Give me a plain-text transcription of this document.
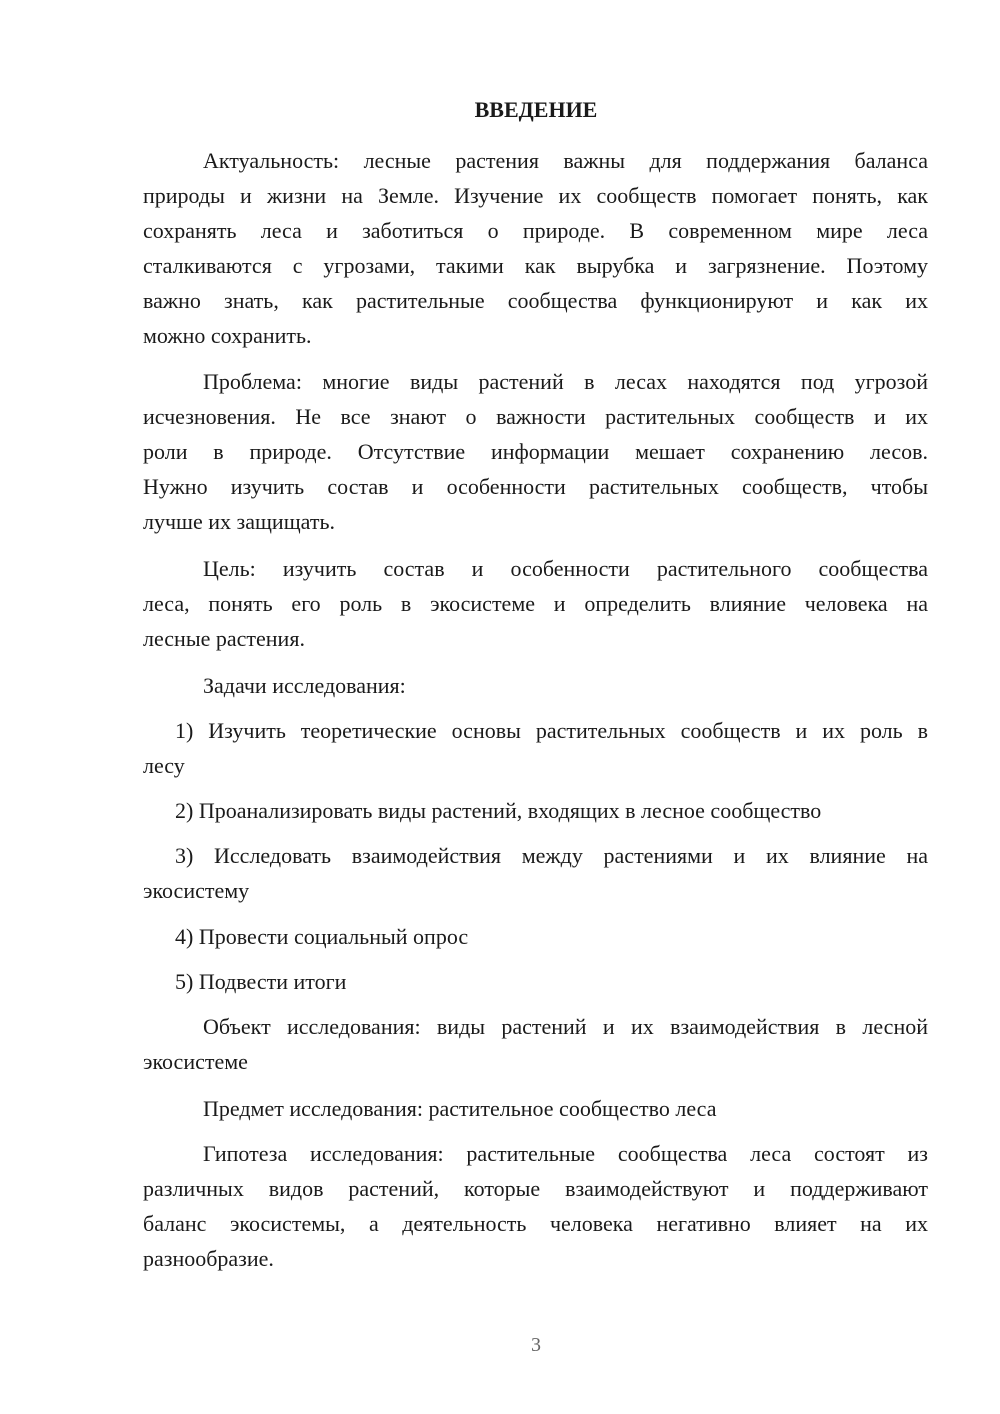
ВВЕДЕНИЕ
Актуальность: лесные растения важны для поддержания баланса
природы и жизни на Земле. Изучение их сообществ помогает понять, как
сохранять леса и заботиться о природе. В современном мире леса
сталкиваются с угрозами, такими как вырубка и загрязнение. Поэтому
важно знать, как растительные сообщества функционируют и как их
можно сохранить.
Проблема: многие виды растений в лесах находятся под угрозой
исчезновения. Не все знают о важности растительных сообществ и их
роли в природе. Отсутствие информации мешает сохранению лесов.
Нужно изучить состав и особенности растительных сообществ, чтобы
лучше их защищать.
Цель: изучить состав и особенности растительного сообщества
леса, понять его роль в экосистеме и определить влияние человека на
лесные растения.
Задачи исследования:
1) Изучить теоретические основы растительных сообществ и их роль в
лесу
2) Проанализировать виды растений, входящих в лесное сообщество
3) Исследовать взаимодействия между растениями и их влияние на
экосистему
4) Провести социальный опрос
5) Подвести итоги
Объект исследования: виды растений и их взаимодействия в лесной
экосистеме
Предмет исследования: растительное сообщество леса
Гипотеза исследования: растительные сообщества леса состоят из
различных видов растений, которые взаимодействуют и поддерживают
баланс экосистемы, а деятельность человека негативно влияет на их
разнообразие.
3
